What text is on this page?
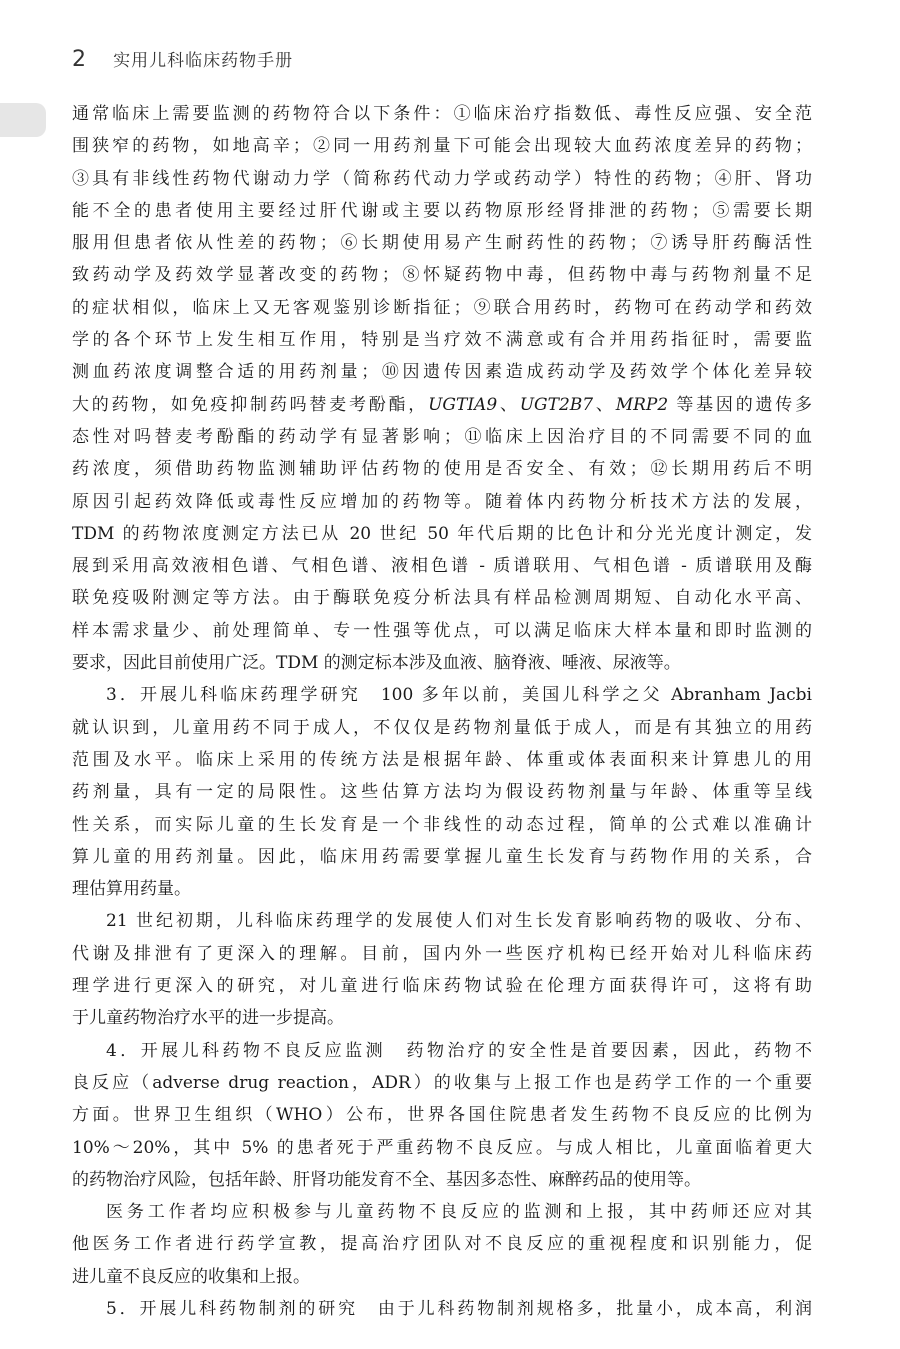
2 实用儿科临床药物手册
通常临床上需要监测的药物符合以下条件：①临床治疗指数低、毒性反应强、安全范
围狭窄的药物，如地高辛；②同一用药剂量下可能会出现较大血药浓度差异的药物；
③具有非线性药物代谢动力学（简称药代动力学或药动学）特性的药物；④肝、肾功
能不全的患者使用主要经过肝代谢或主要以药物原形经肾排泄的药物；⑤需要长期
服用但患者依从性差的药物；⑥长期使用易产生耐药性的药物；⑦诱导肝药酶活性
致药动学及药效学显著改变的药物；⑧怀疑药物中毒，但药物中毒与药物剂量不足
的症状相似，临床上又无客观鉴别诊断指征；⑨联合用药时，药物可在药动学和药效
学的各个环节上发生相互作用，特别是当疗效不满意或有合并用药指征时，需要监
测血药浓度调整合适的用药剂量；⑩因遗传因素造成药动学及药效学个体化差异较
大的药物，如免疫抑制药吗替麦考酚酯，UGTIA9、UGT2B7、MRP2 等基因的遗传多
态性对吗替麦考酚酯的药动学有显著影响；⑪临床上因治疗目的不同需要不同的血
药浓度，须借助药物监测辅助评估药物的使用是否安全、有效；⑫长期用药后不明
原因引起药效降低或毒性反应增加的药物等。随着体内药物分析技术方法的发展，
TDM 的药物浓度测定方法已从 20 世纪 50 年代后期的比色计和分光光度计测定，发
展到采用高效液相色谱、气相色谱、液相色谱 - 质谱联用、气相色谱 - 质谱联用及酶
联免疫吸附测定等方法。由于酶联免疫分析法具有样品检测周期短、自动化水平高、
样本需求量少、前处理简单、专一性强等优点，可以满足临床大样本量和即时监测的
要求，因此目前使用广泛。TDM 的测定标本涉及血液、脑脊液、唾液、尿液等。
3．开展儿科临床药理学研究　100 多年以前，美国儿科学之父 Abranham Jacbi
就认识到，儿童用药不同于成人，不仅仅是药物剂量低于成人，而是有其独立的用药
范围及水平。临床上采用的传统方法是根据年龄、体重或体表面积来计算患儿的用
药剂量，具有一定的局限性。这些估算方法均为假设药物剂量与年龄、体重等呈线
性关系，而实际儿童的生长发育是一个非线性的动态过程，简单的公式难以准确计
算儿童的用药剂量。因此，临床用药需要掌握儿童生长发育与药物作用的关系，合
理估算用药量。
21 世纪初期，儿科临床药理学的发展使人们对生长发育影响药物的吸收、分布、
代谢及排泄有了更深入的理解。目前，国内外一些医疗机构已经开始对儿科临床药
理学进行更深入的研究，对儿童进行临床药物试验在伦理方面获得许可，这将有助
于儿童药物治疗水平的进一步提高。
4．开展儿科药物不良反应监测　药物治疗的安全性是首要因素，因此，药物不
良反应（adverse drug reaction，ADR）的收集与上报工作也是药学工作的一个重要
方面。世界卫生组织（WHO）公布，世界各国住院患者发生药物不良反应的比例为
10%～20%，其中 5% 的患者死于严重药物不良反应。与成人相比，儿童面临着更大
的药物治疗风险，包括年龄、肝肾功能发育不全、基因多态性、麻醉药品的使用等。
医务工作者均应积极参与儿童药物不良反应的监测和上报，其中药师还应对其
他医务工作者进行药学宣教，提高治疗团队对不良反应的重视程度和识别能力，促
进儿童不良反应的收集和上报。
5．开展儿科药物制剂的研究　由于儿科药物制剂规格多，批量小，成本高，利润
